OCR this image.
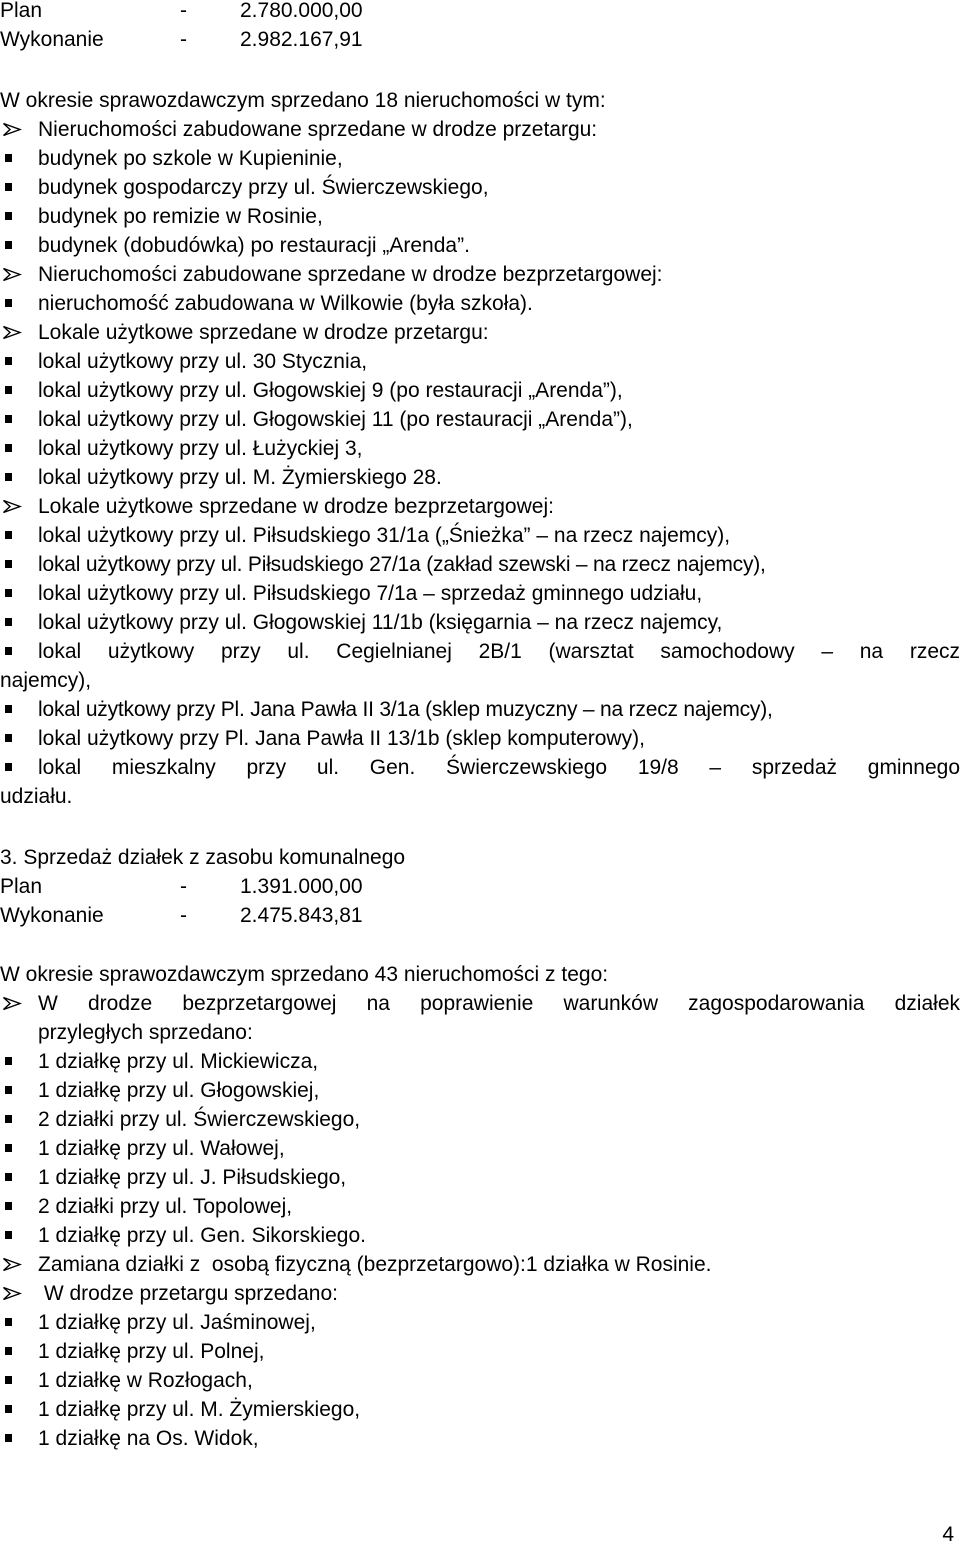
Plan	-	2.780.000,00
Wykonanie	-	2.982.167,91
W okresie sprawozdawczym sprzedano 18 nieruchomości w tym:
Nieruchomości zabudowane sprzedane w drodze przetargu:
budynek po szkole w Kupieninie,
budynek gospodarczy przy ul. Świerczewskiego,
budynek po remizie w Rosinie,
budynek (dobudówka) po restauracji „Arenda”.
Nieruchomości zabudowane sprzedane w drodze bezprzetargowej:
nieruchomość zabudowana w Wilkowie (była szkoła).
Lokale użytkowe sprzedane w drodze przetargu:
lokal użytkowy przy ul. 30 Stycznia,
lokal użytkowy przy ul. Głogowskiej 9 (po restauracji „Arenda”),
lokal użytkowy przy ul. Głogowskiej 11 (po restauracji „Arenda”),
lokal użytkowy przy ul. Łużyckiej 3,
lokal użytkowy przy ul. M. Żymierskiego 28.
Lokale użytkowe sprzedane w drodze bezprzetargowej:
lokal użytkowy przy ul. Piłsudskiego 31/1a („Śnieżka” – na rzecz najemcy),
lokal użytkowy przy ul. Piłsudskiego 27/1a (zakład szewski – na rzecz najemcy),
lokal użytkowy przy ul. Piłsudskiego 7/1a – sprzedaż gminnego udziału,
lokal użytkowy przy ul. Głogowskiej 11/1b (księgarnia – na rzecz najemcy,
lokal użytkowy przy ul. Cegielnianej 2B/1 (warsztat samochodowy – na rzecz
najemcy),
lokal użytkowy przy Pl. Jana Pawła II 3/1a (sklep muzyczny – na rzecz najemcy),
lokal użytkowy przy Pl. Jana Pawła II 13/1b (sklep komputerowy),
lokal mieszkalny przy ul. Gen. Świerczewskiego 19/8 – sprzedaż gminnego
udziału.
3. Sprzedaż działek z zasobu komunalnego
Plan	-	1.391.000,00
Wykonanie	-	2.475.843,81
W okresie sprawozdawczym sprzedano 43 nieruchomości z tego:
W drodze bezprzetargowej na poprawienie warunków zagospodarowania działek
przyległych sprzedano:
1 działkę przy ul. Mickiewicza,
1 działkę przy ul. Głogowskiej,
2 działki przy ul. Świerczewskiego,
1 działkę przy ul. Wałowej,
1 działkę przy ul. J. Piłsudskiego,
2 działki przy ul. Topolowej,
1 działkę przy ul. Gen. Sikorskiego.
Zamiana działki z  osobą fizyczną (bezprzetargowo):1 działka w Rosinie.
W drodze przetargu sprzedano:
1 działkę przy ul. Jaśminowej,
1 działkę przy ul. Polnej,
1 działkę w Rozłogach,
1 działkę przy ul. M. Żymierskiego,
1 działkę na Os. Widok,
4
